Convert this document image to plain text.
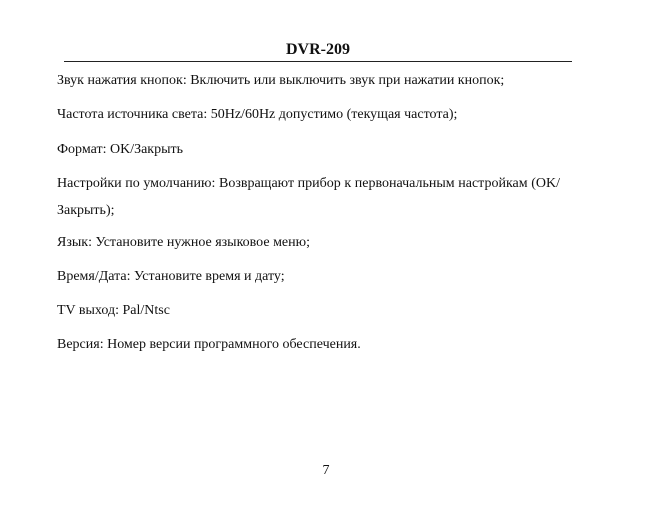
DVR-209
Звук нажатия кнопок: Включить или выключить звук при нажатии кнопок;
Частота источника света: 50Hz/60Hz допустимо (текущая частота);
Формат: OK/Закрыть
Настройки по умолчанию: Возвращают прибор к первоначальным настройкам (OK/Закрыть);
Язык: Установите нужное языковое меню;
Время/Дата: Установите время и дату;
TV выход: Pal/Ntsc
Версия: Номер версии программного обеспечения.
7
